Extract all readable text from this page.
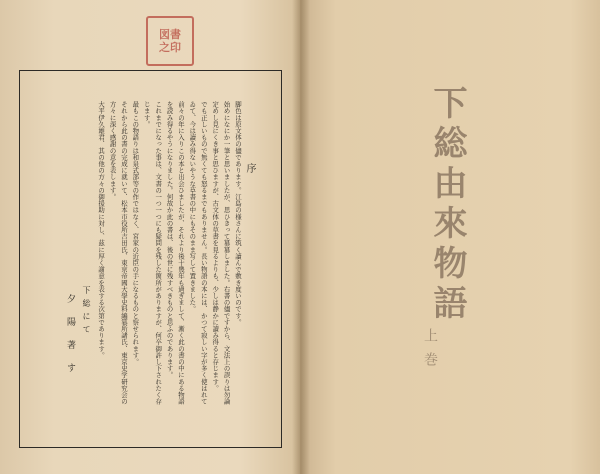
図書
之印
序

脚色は原文体の儘であります。江島の様さんに筑く讀んで敷き度いのです。

始めになにか一筆と思いましたが、思ひきって纂纂しました。右書の儘ですから、文法上の誤りは勿論定めし見にくき事と思ひますが、古文体の草書を見るよりも、少しは静かに讀み得ると存じます。

でも正しいもので無くても怒るまでもありません。長い物語の本には、かつて寂しい字が多く使はれてゐて、今は讀み得ないやうな草書の中にもそのまま写して置きました。

前々の年に入りこの本と出会ひましたが、それより後十幾年も過ぎまして、漸く此の書の中にある物語を読み得るやうになりました。何故か此の書は、後の世に残すべきものと思ふのであります。

これまでになった事は、文書の一つ一つにも疑問を残した箇所がありますが、何卒御許し下されたく存じます。

最もこの物語りは和泉式部等の作ではなく、宮家の近臣の手になるものと察せられます。

それから此の書の完成に就いて、松本市役所吉田氏、東京帝國大學史料編纂所諸氏、東京史学研究会の方々に深く感謝の意を表します。

大平伊久雄君、其の他の方々の御援助に対し、茲に厚く謝意を表する次第であります。

下総にて
夕陽著す
下総由來物語
上巻
